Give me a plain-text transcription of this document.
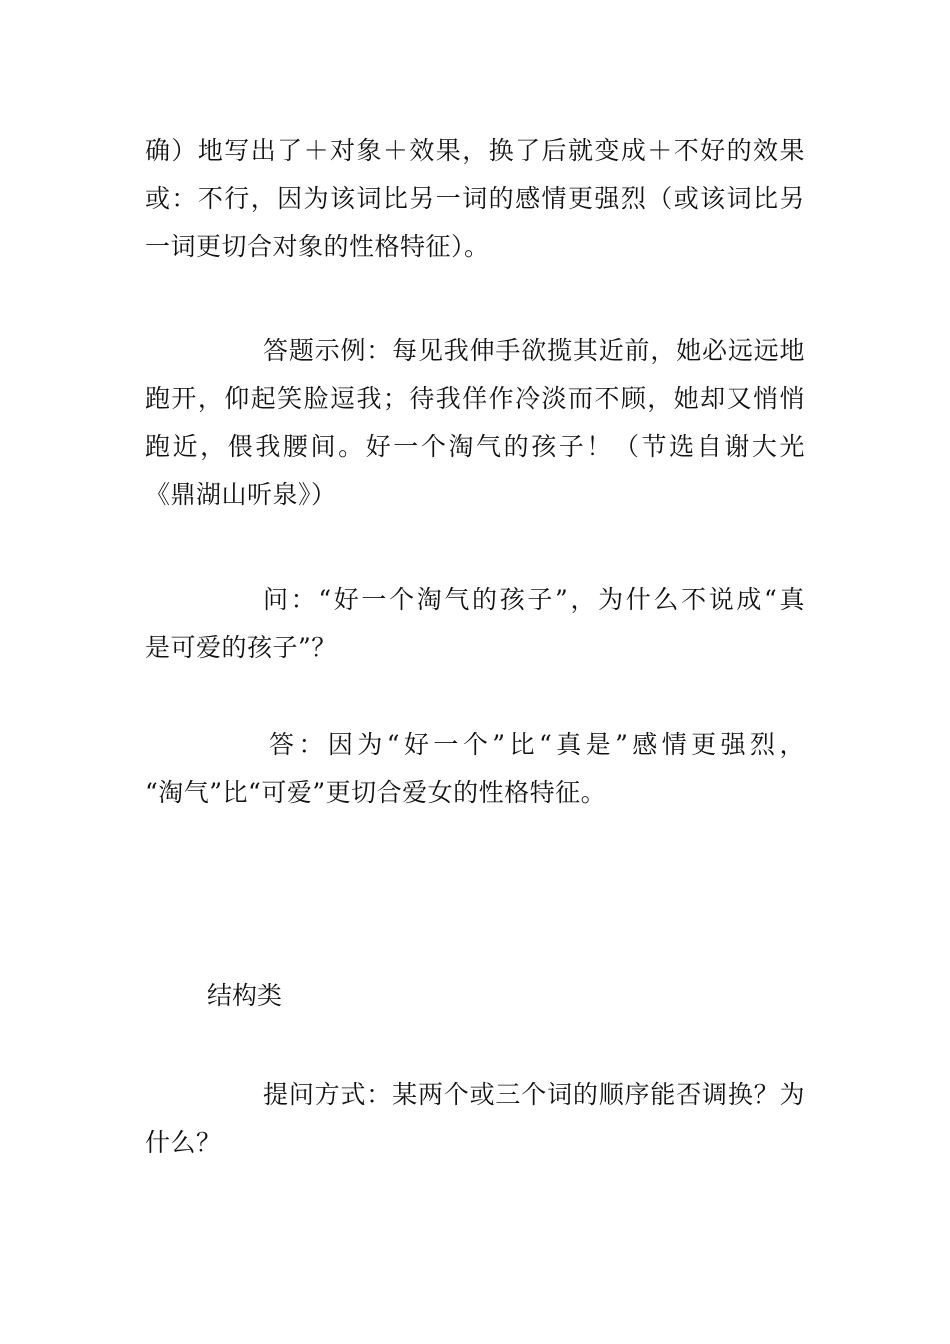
确）地写出了＋对象＋效果，换了后就变成＋不好的效果
或：不行，因为该词比另一词的感情更强烈（或该词比另
一词更切合对象的性格特征）。
答题示例：每见我伸手欲揽其近前，她必远远地
跑开，仰起笑脸逗我；待我佯作冷淡而不顾，她却又悄悄
跑近，偎我腰间。好一个淘气的孩子！（节选自谢大光
《鼎湖山听泉》）
问：“好一个淘气的孩子”，为什么不说成“真
是可爱的孩子”？
答：因为“好一个”比“真是”感情更强烈，
“淘气”比“可爱”更切合爱女的性格特征。
结构类
提问方式：某两个或三个词的顺序能否调换？为
什么？
